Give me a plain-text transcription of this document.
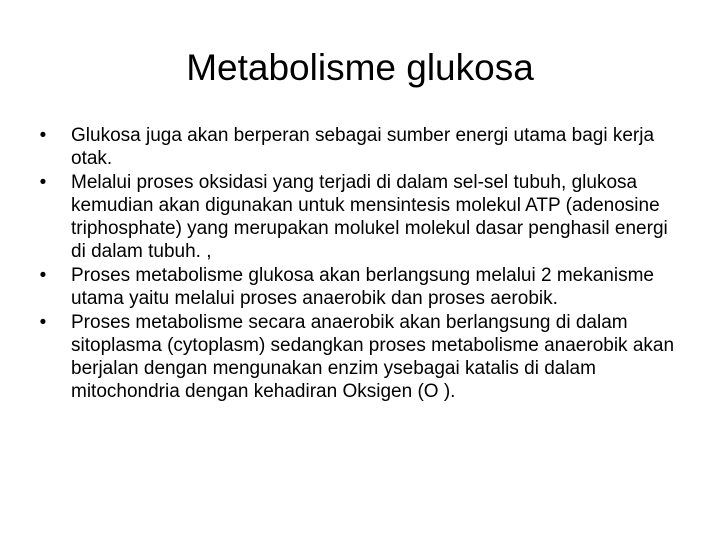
Metabolisme glukosa
• Glukosa juga akan berperan sebagai sumber energi utama bagi kerja otak.
• Melalui proses oksidasi yang terjadi di dalam sel-sel tubuh, glukosa kemudian akan digunakan untuk mensintesis molekul ATP (adenosine triphosphate) yang merupakan molukel molekul dasar penghasil energi di dalam tubuh. ,
• Proses metabolisme glukosa akan berlangsung melalui 2 mekanisme utama yaitu melalui proses anaerobik dan proses aerobik.
• Proses metabolisme secara anaerobik akan berlangsung di dalam sitoplasma (cytoplasm) sedangkan proses metabolisme anaerobik akan berjalan dengan mengunakan enzim ysebagai katalis di dalam mitochondria dengan kehadiran Oksigen (O ).
